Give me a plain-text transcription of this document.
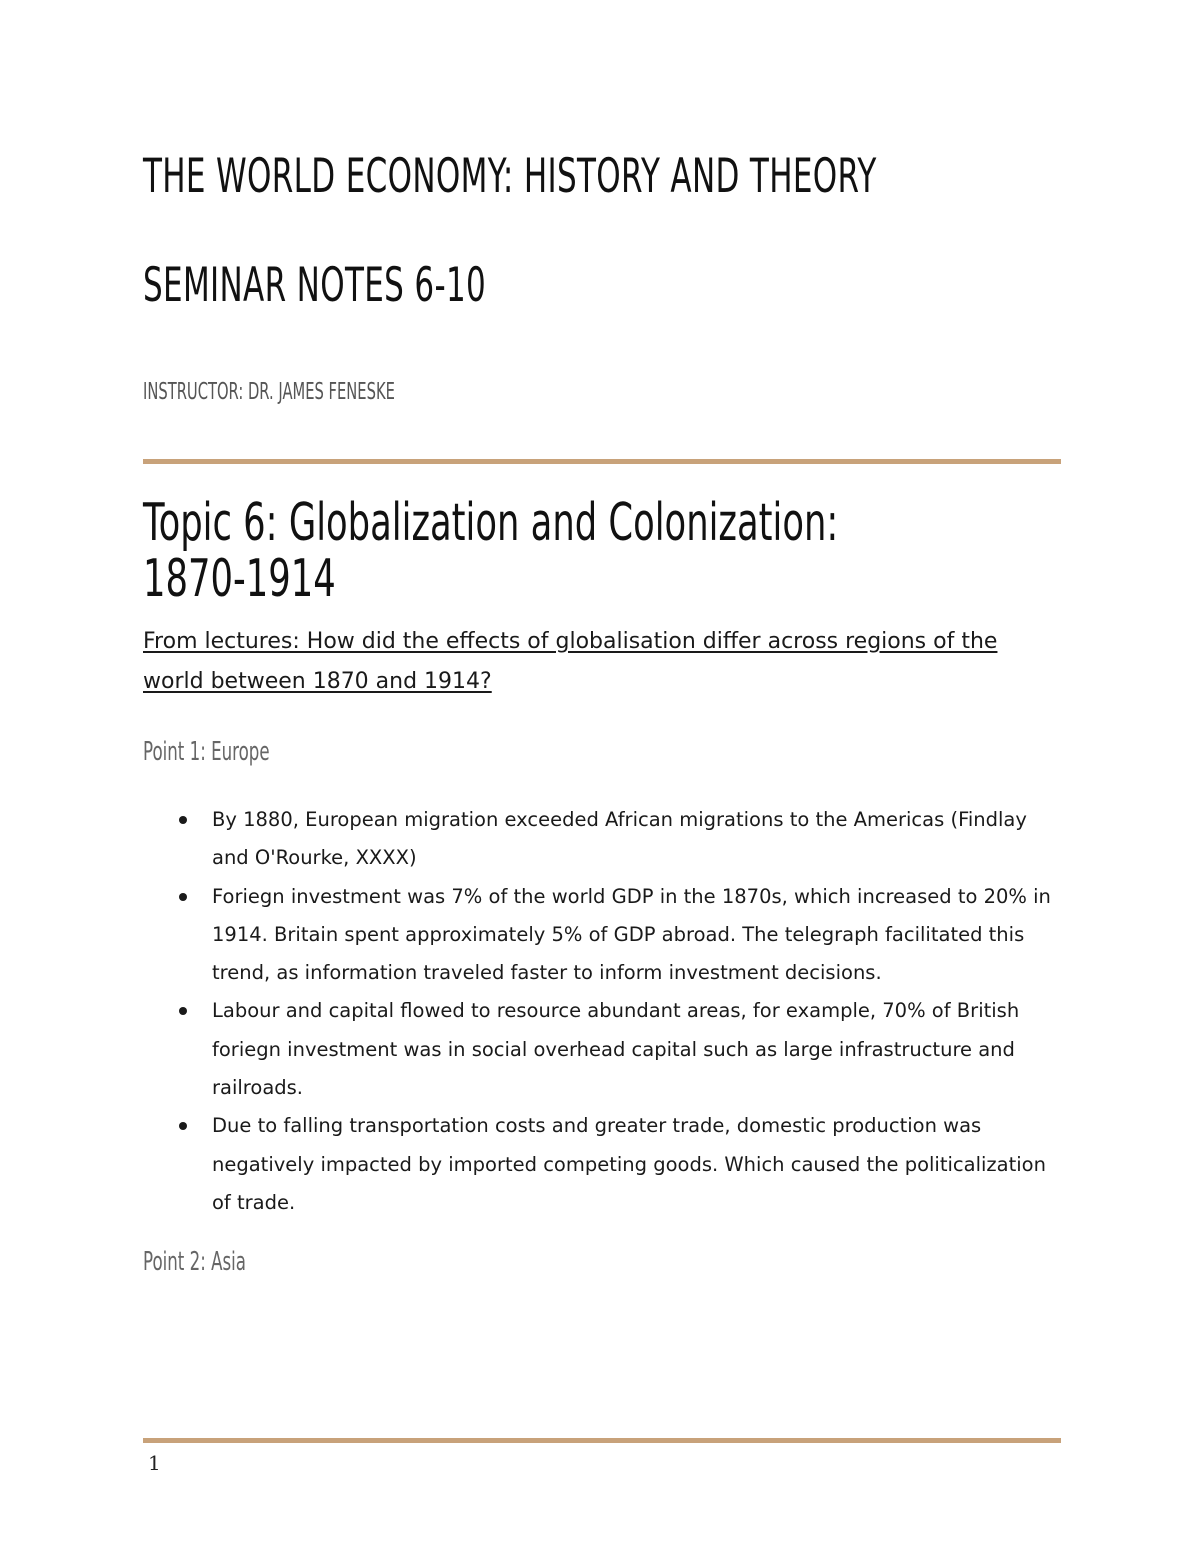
THE WORLD ECONOMY: HISTORY AND THEORY
SEMINAR NOTES 6-10
INSTRUCTOR: DR. JAMES FENESKE
Topic 6: Globalization and Colonization: 1870-1914
From lectures: How did the effects of globalisation differ across regions of the world between 1870 and 1914?
Point 1: Europe
By 1880, European migration exceeded African migrations to the Americas (Findlay and O'Rourke, XXXX)
Foriegn investment was 7% of the world GDP in the 1870s, which increased to 20% in 1914. Britain spent approximately 5% of GDP abroad. The telegraph facilitated this trend, as information traveled faster to inform investment decisions.
Labour and capital flowed to resource abundant areas, for example, 70% of British foriegn investment was in social overhead capital such as large infrastructure and railroads.
Due to falling transportation costs and greater trade, domestic production was negatively impacted by imported competing goods. Which caused the politicalization of trade.
Point 2: Asia
1
